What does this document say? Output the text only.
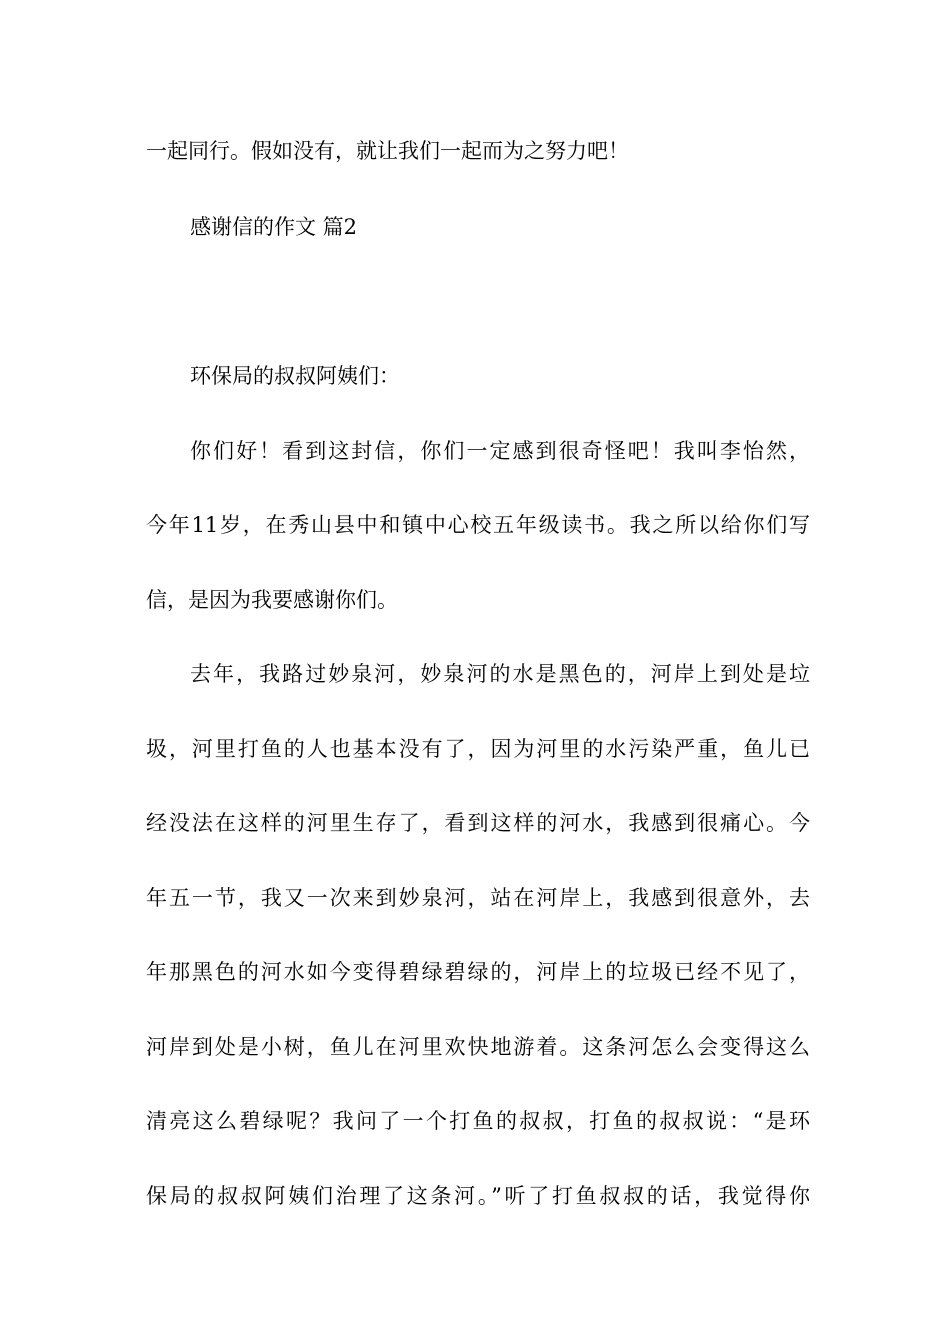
一起同行。假如没有，就让我们一起而为之努力吧！
感谢信的作文 篇2
环保局的叔叔阿姨们：
你们好！看到这封信，你们一定感到很奇怪吧！我叫李怡然，
今年11岁，在秀山县中和镇中心校五年级读书。我之所以给你们写
信，是因为我要感谢你们。
去年，我路过妙泉河，妙泉河的水是黑色的，河岸上到处是垃
圾，河里打鱼的人也基本没有了，因为河里的水污染严重，鱼儿已
经没法在这样的河里生存了，看到这样的河水，我感到很痛心。今
年五一节，我又一次来到妙泉河，站在河岸上，我感到很意外，去
年那黑色的河水如今变得碧绿碧绿的，河岸上的垃圾已经不见了，
河岸到处是小树，鱼儿在河里欢快地游着。这条河怎么会变得这么
清亮这么碧绿呢？我问了一个打鱼的叔叔，打鱼的叔叔说：“是环
保局的叔叔阿姨们治理了这条河。”听了打鱼叔叔的话，我觉得你
